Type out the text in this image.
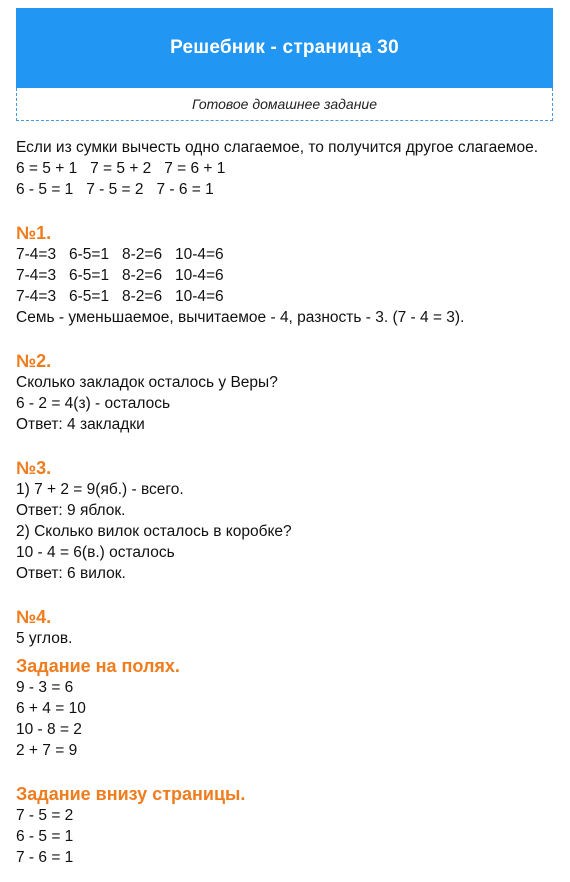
Решебник - страница 30
Готовое домашнее задание
Если из сумки вычесть одно слагаемое, то получится другое слагаемое.
6 = 5 + 1   7 = 5 + 2   7 = 6 + 1
6 - 5 = 1   7 - 5 = 2   7 - 6 = 1
№1.
7-4=3   6-5=1   8-2=6   10-4=6
7-4=3   6-5=1   8-2=6   10-4=6
7-4=3   6-5=1   8-2=6   10-4=6
Семь - уменьшаемое, вычитаемое - 4, разность - 3. (7 - 4 = 3).
№2.
Сколько закладок осталось у Веры?
6 - 2 = 4(з) - осталось
Ответ: 4 закладки
№3.
1) 7 + 2 = 9(яб.) - всего.
Ответ: 9 яблок.
2) Сколько вилок осталось в коробке?
10 - 4 = 6(в.) осталось
Ответ: 6 вилок.
№4.
5 углов.
Задание на полях.
9 - 3 = 6
6 + 4 = 10
10 - 8 = 2
2 + 7 = 9
Задание внизу страницы.
7 - 5 = 2
6 - 5 = 1
7 - 6 = 1
